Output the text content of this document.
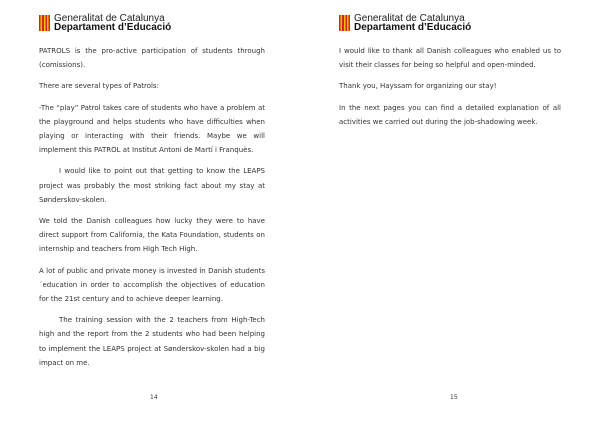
Generalitat de Catalunya
Departament d’Educació

PATROLS is the pro-active participation of students through (comissions).

There are several types of Patrols:

-The “play” Patrol takes care of students who have a problem at the playground and helps students who have difficulties when playing or interacting with their friends. Maybe we will implement this PATROL at Institut Antoni de Martí i Franquès.

I would like to point out that getting to know the LEAPS project was probably the most striking fact about my stay at Sønderskov-skolen.

We told the Danish colleagues how lucky they were to have direct support from California, the Kata Foundation, students on internship and teachers from High Tech High.

A lot of public and private money is invested in Danish students´education in order to accomplish the objectives of education for the 21st century and to achieve deeper learning.

The training session with the 2 teachers from High-Tech high and the report from the 2 students who had been helping to implement the LEAPS project at Sønderskov-skolen had a big impact on me.

14
Generalitat de Catalunya
Departament d’Educació

I would like to thank all Danish colleagues who enabled us to visit their classes for being so helpful and open-minded.

Thank you, Hayssam for organizing our stay!

In the next pages you can find a detailed explanation of all activities we carried out during the job-shadowing week.

15
